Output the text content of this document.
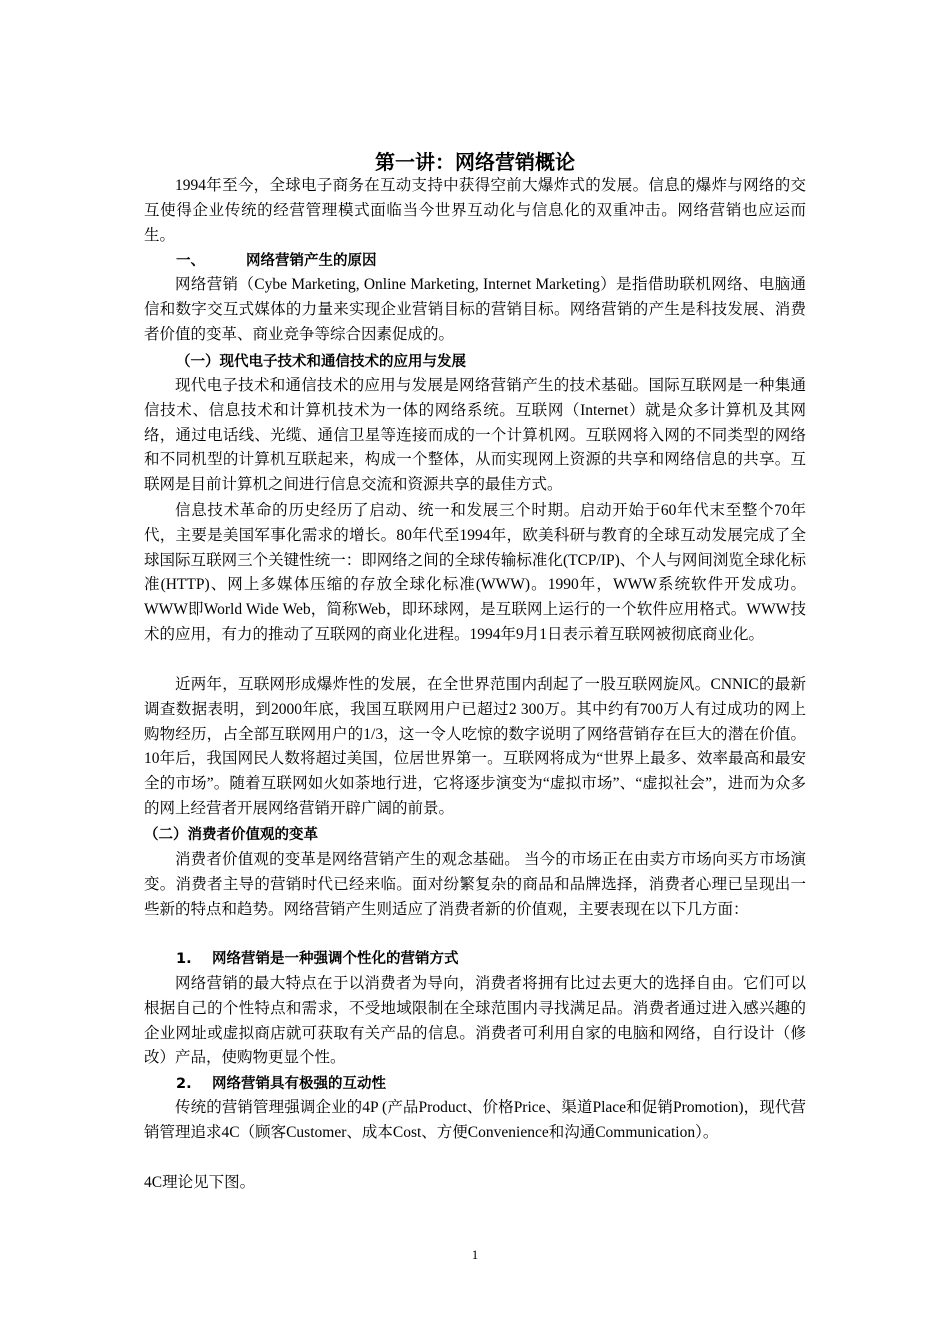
第一讲：网络营销概论

1994年至今，全球电子商务在互动支持中获得空前大爆炸式的发展。信息的爆炸与网络的交互使得企业传统的经营管理模式面临当今世界互动化与信息化的双重冲击。网络营销也应运而生。

一、	网络营销产生的原因

网络营销（Cybe Marketing, Online Marketing, Internet Marketing）是指借助联机网络、电脑通信和数字交互式媒体的力量来实现企业营销目标的营销目标。网络营销的产生是科技发展、消费者价值的变革、商业竞争等综合因素促成的。

（一）现代电子技术和通信技术的应用与发展

现代电子技术和通信技术的应用与发展是网络营销产生的技术基础。国际互联网是一种集通信技术、信息技术和计算机技术为一体的网络系统。互联网（Internet）就是众多计算机及其网络，通过电话线、光缆、通信卫星等连接而成的一个计算机网。互联网将入网的不同类型的网络和不同机型的计算机互联起来，构成一个整体，从而实现网上资源的共享和网络信息的共享。互联网是目前计算机之间进行信息交流和资源共享的最佳方式。

信息技术革命的历史经历了启动、统一和发展三个时期。启动开始于60年代末至整个70年代，主要是美国军事化需求的增长。80年代至1994年，欧美科研与教育的全球互动发展完成了全球国际互联网三个关键性统一：即网络之间的全球传输标准化(TCP/IP)、个人与网间浏览全球化标准(HTTP)、网上多媒体压缩的存放全球化标准(WWW)。1990年，WWW系统软件开发成功。WWW即World Wide Web，简称Web，即环球网，是互联网上运行的一个软件应用格式。WWW技术的应用，有力的推动了互联网的商业化进程。1994年9月1日表示着互联网被彻底商业化。

近两年，互联网形成爆炸性的发展，在全世界范围内刮起了一股互联网旋风。CNNIC的最新调查数据表明，到2000年底，我国互联网用户已超过2 300万。其中约有700万人有过成功的网上购物经历，占全部互联网用户的1/3，这一令人吃惊的数字说明了网络营销存在巨大的潜在价值。10年后，我国网民人数将超过美国，位居世界第一。互联网将成为“世界上最多、效率最高和最安全的市场”。随着互联网如火如荼地行进，它将逐步演变为“虚拟市场”、“虚拟社会”，进而为众多的网上经营者开展网络营销开辟广阔的前景。

（二）消费者价值观的变革

消费者价值观的变革是网络营销产生的观念基础。 当今的市场正在由卖方市场向买方市场演变。消费者主导的营销时代已经来临。面对纷繁复杂的商品和品牌选择，消费者心理已呈现出一些新的特点和趋势。网络营销产生则适应了消费者新的价值观，主要表现在以下几方面：

1. 网络营销是一种强调个性化的营销方式

网络营销的最大特点在于以消费者为导向，消费者将拥有比过去更大的选择自由。它们可以根据自己的个性特点和需求，不受地域限制在全球范围内寻找满足品。消费者通过进入感兴趣的企业网址或虚拟商店就可获取有关产品的信息。消费者可利用自家的电脑和网络，自行设计（修改）产品，使购物更显个性。

2. 网络营销具有极强的互动性

传统的营销管理强调企业的4P (产品Product、价格Price、渠道Place和促销Promotion)，现代营销管理追求4C（顾客Customer、成本Cost、方便Convenience和沟通Communication）。

4C理论见下图。

1
